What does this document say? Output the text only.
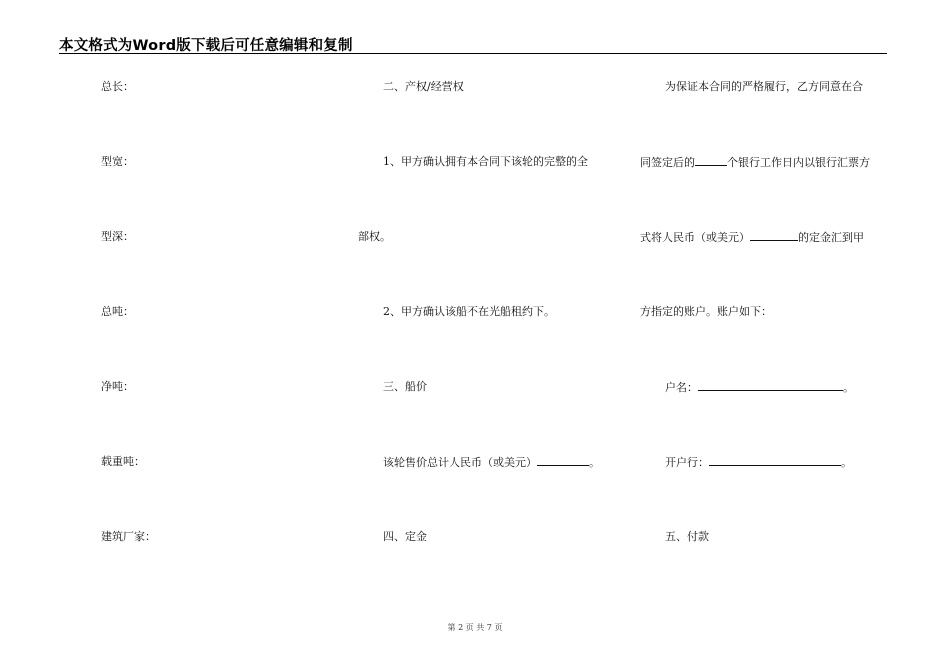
本文格式为Word版下载后可任意编辑和复制
总长：
型宽：
型深：
总吨：
净吨：
载重吨：
建筑厂家：
二、产权/经营权
1、甲方确认拥有本合同下该轮的完整的全
部权。
2、甲方确认该船不在光船租约下。
三、船价
该轮售价总计人民币（或美元）	。
四、定金
为保证本合同的严格履行，乙方同意在合
同签定后的	个银行工作日内以银行汇票方
式将人民币（或美元）	的定金汇到甲
方指定的账户。账户如下：
户名：	。
开户行：	。
五、付款
第 2 页 共 7 页
